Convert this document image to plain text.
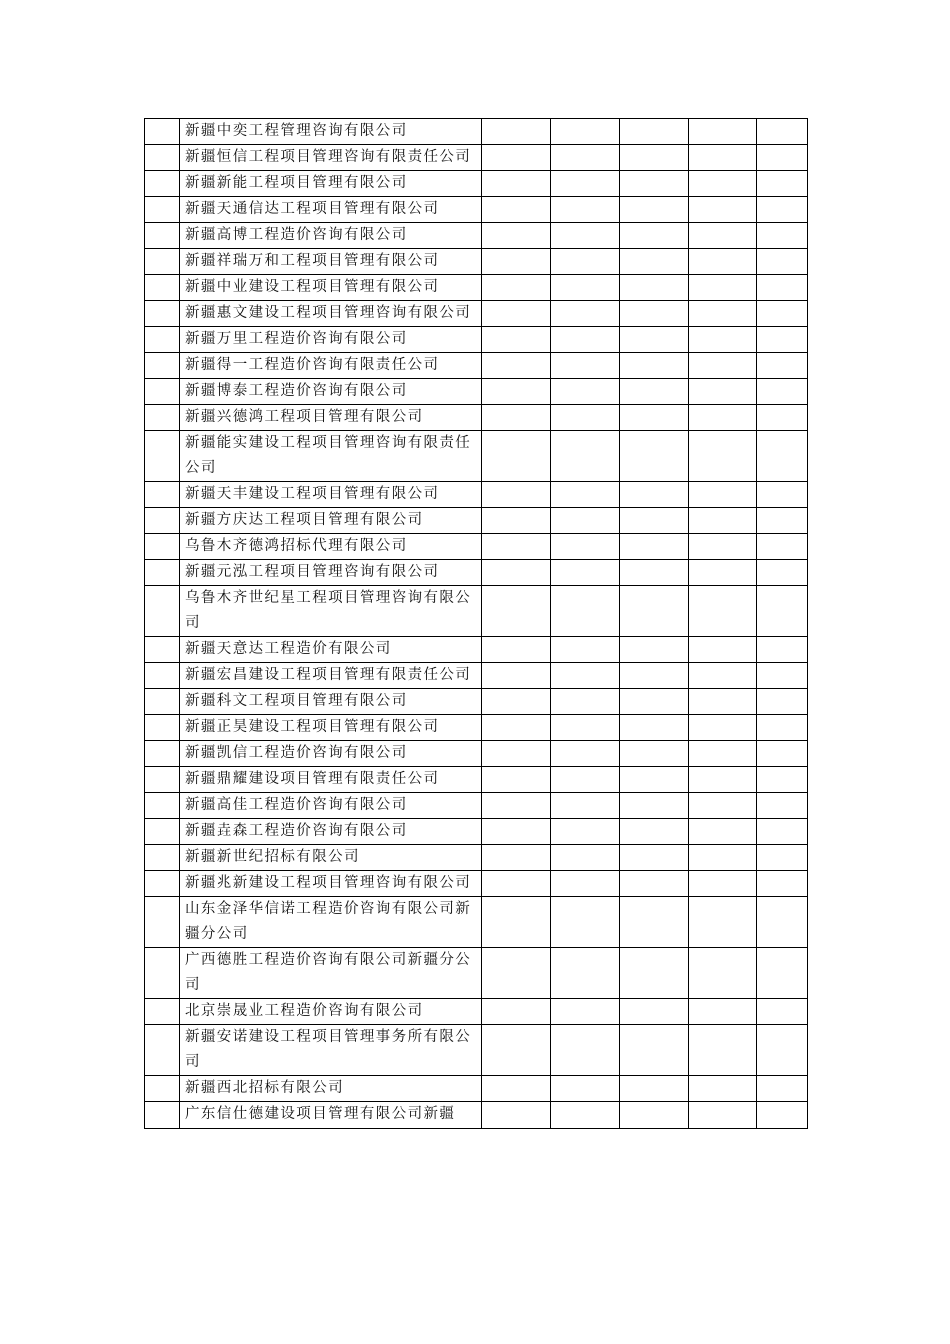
	新疆中奕工程管理咨询有限公司					
	新疆恒信工程项目管理咨询有限责任公司					
	新疆新能工程项目管理有限公司					
	新疆天通信达工程项目管理有限公司					
	新疆高博工程造价咨询有限公司					
	新疆祥瑞万和工程项目管理有限公司					
	新疆中业建设工程项目管理有限公司					
	新疆惠文建设工程项目管理咨询有限公司					
	新疆万里工程造价咨询有限公司					
	新疆得一工程造价咨询有限责任公司					
	新疆博泰工程造价咨询有限公司					
	新疆兴德鸿工程项目管理有限公司					
	新疆能实建设工程项目管理咨询有限责任公司					
	新疆天丰建设工程项目管理有限公司					
	新疆方庆达工程项目管理有限公司					
	乌鲁木齐德鸿招标代理有限公司					
	新疆元泓工程项目管理咨询有限公司					
	乌鲁木齐世纪星工程项目管理咨询有限公司					
	新疆天意达工程造价有限公司					
	新疆宏昌建设工程项目管理有限责任公司					
	新疆科文工程项目管理有限公司					
	新疆正昊建设工程项目管理有限公司					
	新疆凯信工程造价咨询有限公司					
	新疆鼎耀建设项目管理有限责任公司					
	新疆高佳工程造价咨询有限公司					
	新疆垚森工程造价咨询有限公司					
	新疆新世纪招标有限公司					
	新疆兆新建设工程项目管理咨询有限公司					
	山东金泽华信诺工程造价咨询有限公司新疆分公司					
	广西德胜工程造价咨询有限公司新疆分公司					
	北京崇晟业工程造价咨询有限公司					
	新疆安诺建设工程项目管理事务所有限公司					
	新疆西北招标有限公司					
	广东信仕德建设项目管理有限公司新疆					
